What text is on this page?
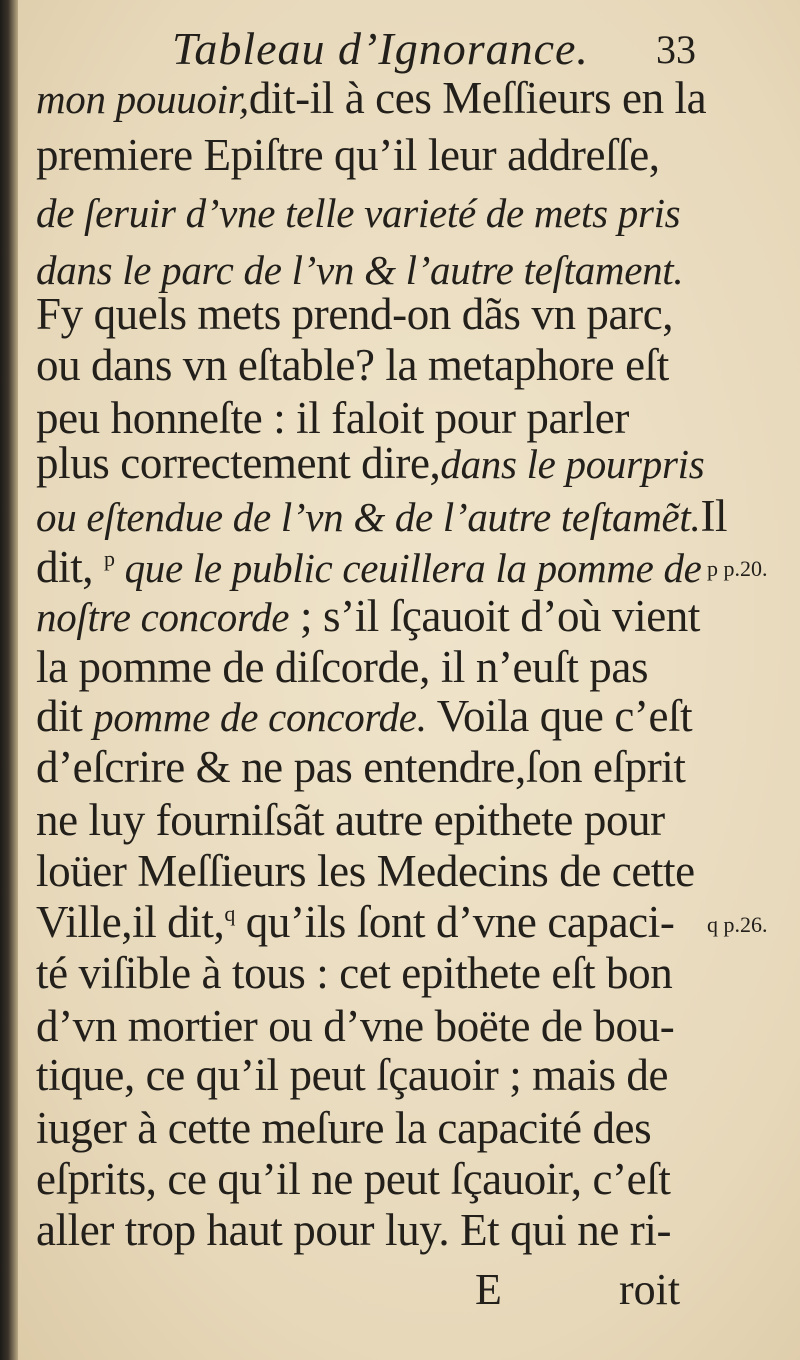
Tableau d’Ignorance. 33
mon pouuoir,dit-il à ces Meſſieurs en la
premiere Epiſtre qu’il leur addreſſe,
de ſeruir d’vne telle varieté de mets pris
dans le parc de l’vn & l’autre teſtament.
Fy quels mets prend-on dãs vn parc,
ou dans vn eſtable? la metaphore eſt
peu honneſte : il faloit pour parler
plus correctement dire,dans le pourpris
ou eſtendue de l’vn & de l’autre teſtamẽt.Il
dit, $^p$ que le public ceuillera la pomme de
noſtre concorde ; s’il ſçauoit d’où vient
la pomme de diſcorde, il n’euſt pas
dit pomme de concorde. Voila que c’eſt
d’eſcrire & ne pas entendre,ſon eſprit
ne luy fourniſsãt autre epithete pour
loüer Meſſieurs les Medecins de cette
Ville,il dit,$^q$ qu’ils ſont d’vne capaci-
té viſible à tous : cet epithete eſt bon
d’vn mortier ou d’vne boëte de bou-
tique, ce qu’il peut ſçauoir ; mais de
iuger à cette meſure la capacité des
eſprits, ce qu’il ne peut ſçauoir, c’eſt
aller trop haut pour luy. Et qui ne ri-
p p.20.
q p.26.
E	roit
